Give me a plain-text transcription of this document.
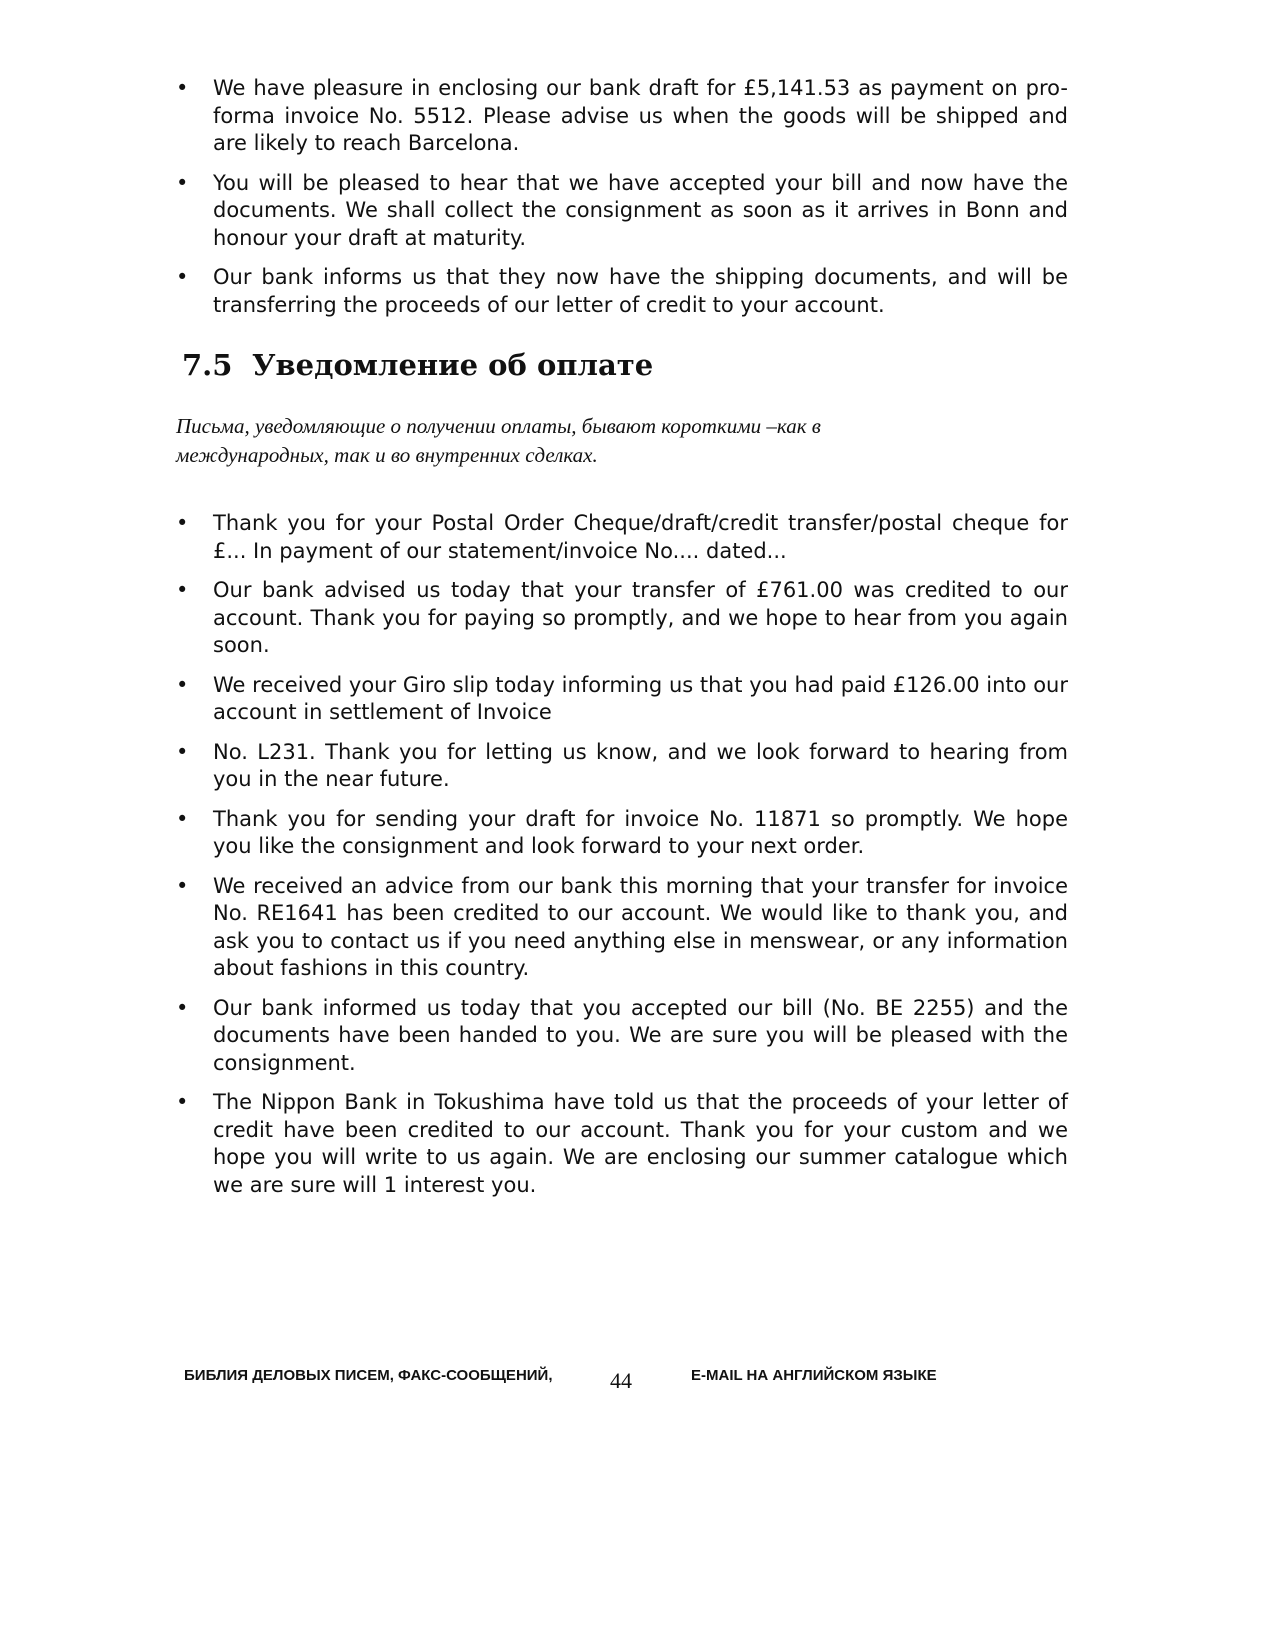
•	We have pleasure in enclosing our bank draft for £5,141.53 as payment on pro-forma invoice No. 5512. Please advise us when the goods will be shipped and are likely to reach Barcelona.
•	You will be pleased to hear that we have accepted your bill and now have the documents. We shall collect the consignment as soon as it arrives in Bonn and honour your draft at maturity.
•	Our bank informs us that they now have the shipping documents, and will be transferring the proceeds of our letter of credit to your account.
7.5 Уведомление об оплате

Письма, уведомляющие о получении оплаты, бывают короткими –как в международных, так и во внутренних сделках.

•	Thank you for your Postal Order Cheque/draft/credit transfer/postal cheque for £... In payment of our statement/invoice No.... dated...
•	Our bank advised us today that your transfer of £761.00 was credited to our account. Thank you for paying so promptly, and we hope to hear from you again soon.
•	We received your Giro slip today informing us that you had paid £126.00 into our account in settlement of Invoice
•	No. L231. Thank you for letting us know, and we look forward to hearing from you in the near future.
•	Thank you for sending your draft for invoice No. 11871 so promptly. We hope you like the consignment and look forward to your next order.
•	We received an advice from our bank this morning that your transfer for invoice No. RE1641 has been credited to our account. We would like to thank you, and ask you to contact us if you need anything else in menswear, or any information about fashions in this country.
•	Our bank informed us today that you accepted our bill (No. BE 2255) and the documents have been handed to you. We are sure you will be pleased with the consignment.
•	The Nippon Bank in Tokushima have told us that the proceeds of your letter of credit have been credited to our account. Thank you for your custom and we hope you will write to us again. We are enclosing our summer catalogue which we are sure will 1 interest you.
БИБЛИЯ ДЕЛОВЫХ ПИСЕМ, ФАКС-СООБЩЕНИЙ,	44	E-MAIL НА АНГЛИЙСКОМ ЯЗЫКЕ
